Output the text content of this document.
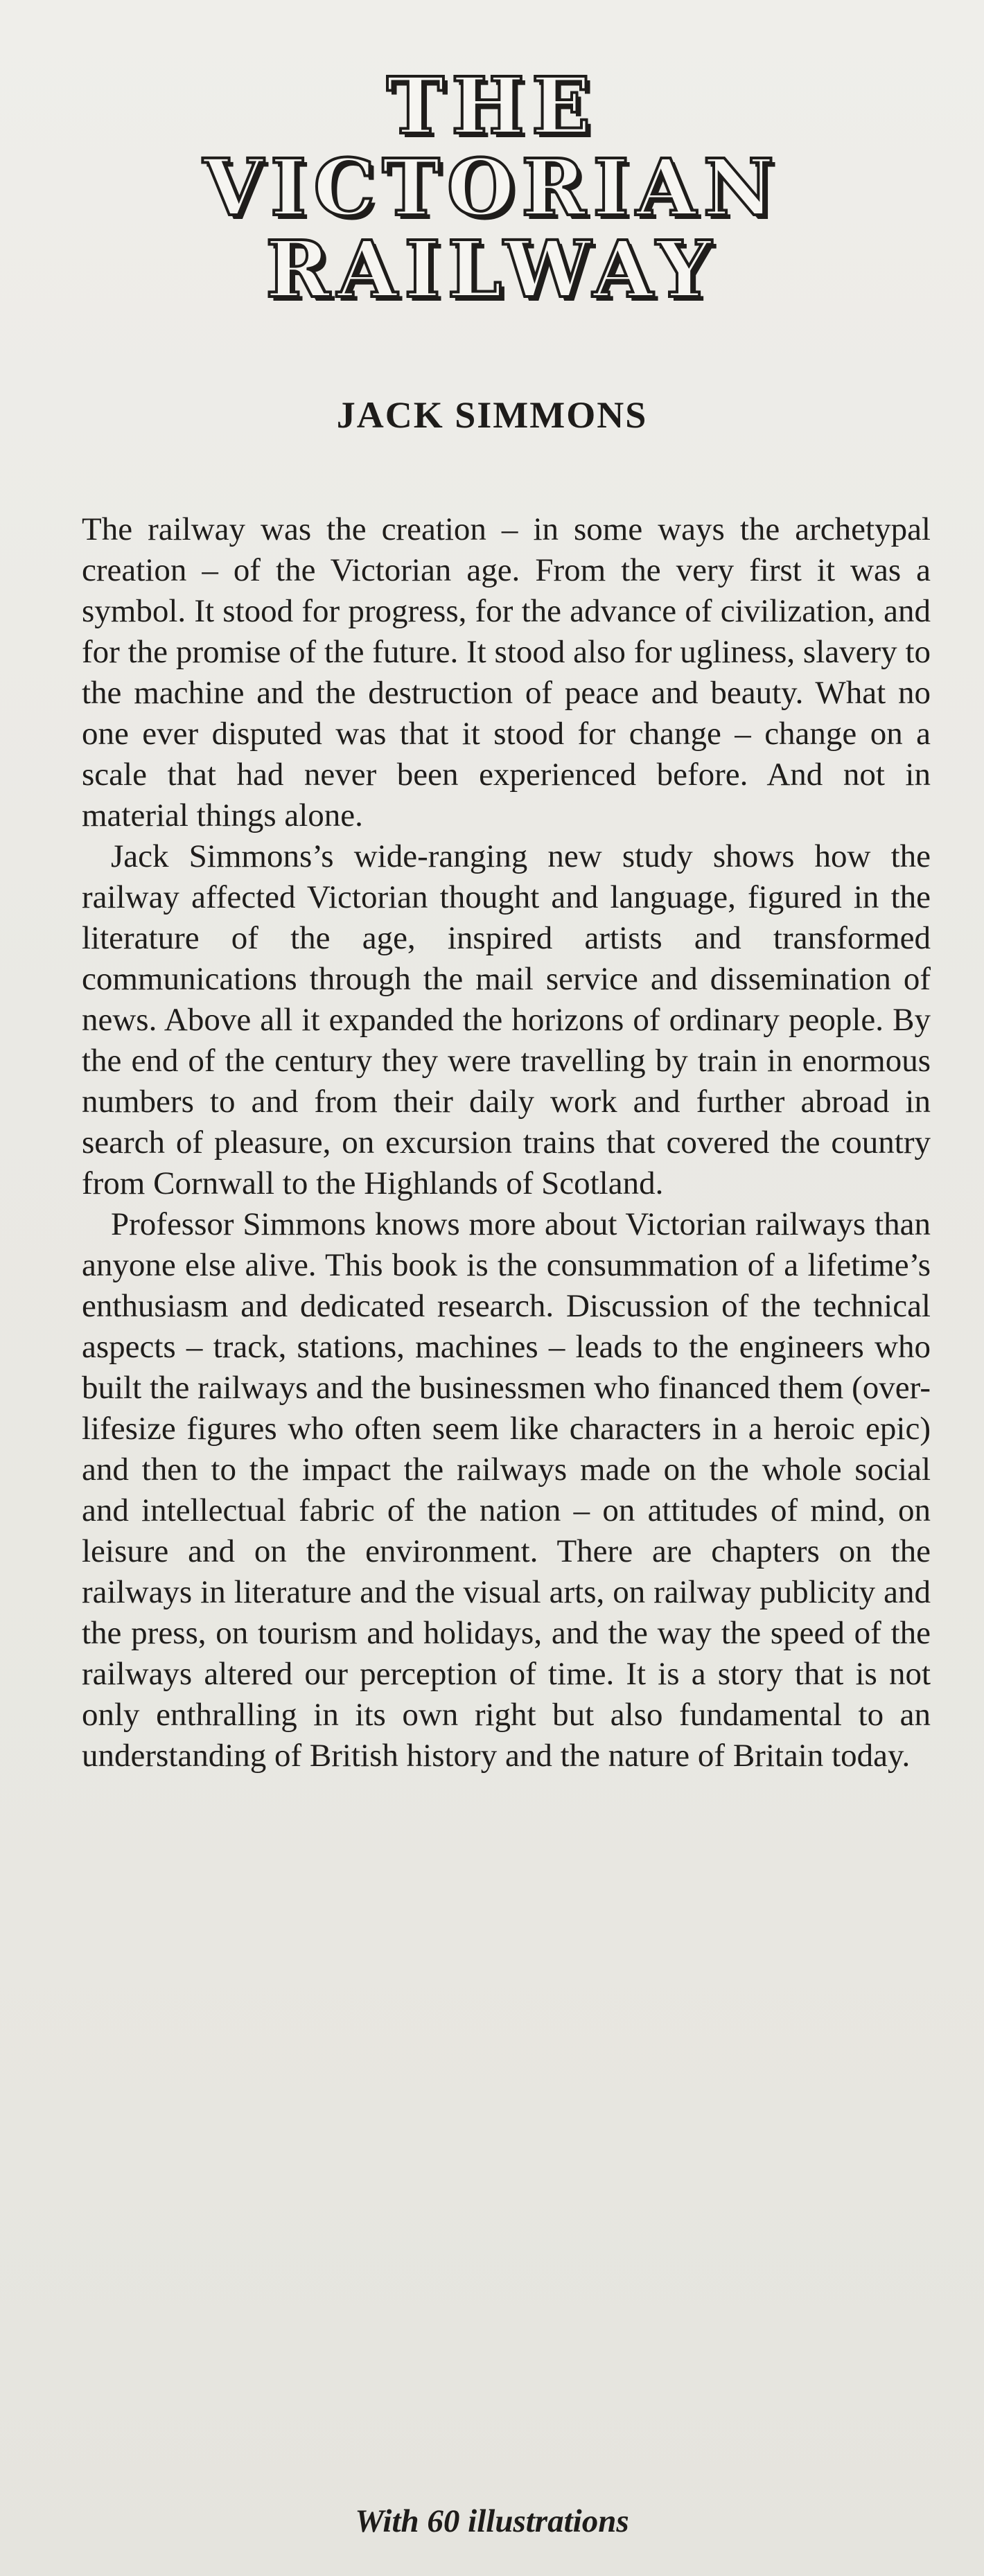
THE
VICTORIAN
RAILWAY
JACK SIMMONS

The railway was the creation – in some ways the archetypal creation – of the Victorian age. From the very first it was a symbol. It stood for progress, for the advance of civilization, and for the promise of the future. It stood also for ugliness, slavery to the machine and the destruction of peace and beauty. What no one ever disputed was that it stood for change – change on a scale that had never been experienced before. And not in material things alone.

Jack Simmons’s wide-ranging new study shows how the railway affected Victorian thought and language, figured in the literature of the age, inspired artists and transformed communications through the mail service and dissemination of news. Above all it expanded the horizons of ordinary people. By the end of the century they were travelling by train in enormous numbers to and from their daily work and further abroad in search of pleasure, on excursion trains that covered the country from Cornwall to the Highlands of Scotland.

Professor Simmons knows more about Victorian railways than anyone else alive. This book is the consummation of a lifetime’s enthusiasm and dedicated research. Discussion of the technical aspects – track, stations, machines – leads to the engineers who built the railways and the businessmen who financed them (over-lifesize figures who often seem like characters in a heroic epic) and then to the impact the railways made on the whole social and intellectual fabric of the nation – on attitudes of mind, on leisure and on the environment. There are chapters on the railways in literature and the visual arts, on railway publicity and the press, on tourism and holidays, and the way the speed of the railways altered our perception of time. It is a story that is not only enthralling in its own right but also fundamental to an understanding of British history and the nature of Britain today.

With 60 illustrations
